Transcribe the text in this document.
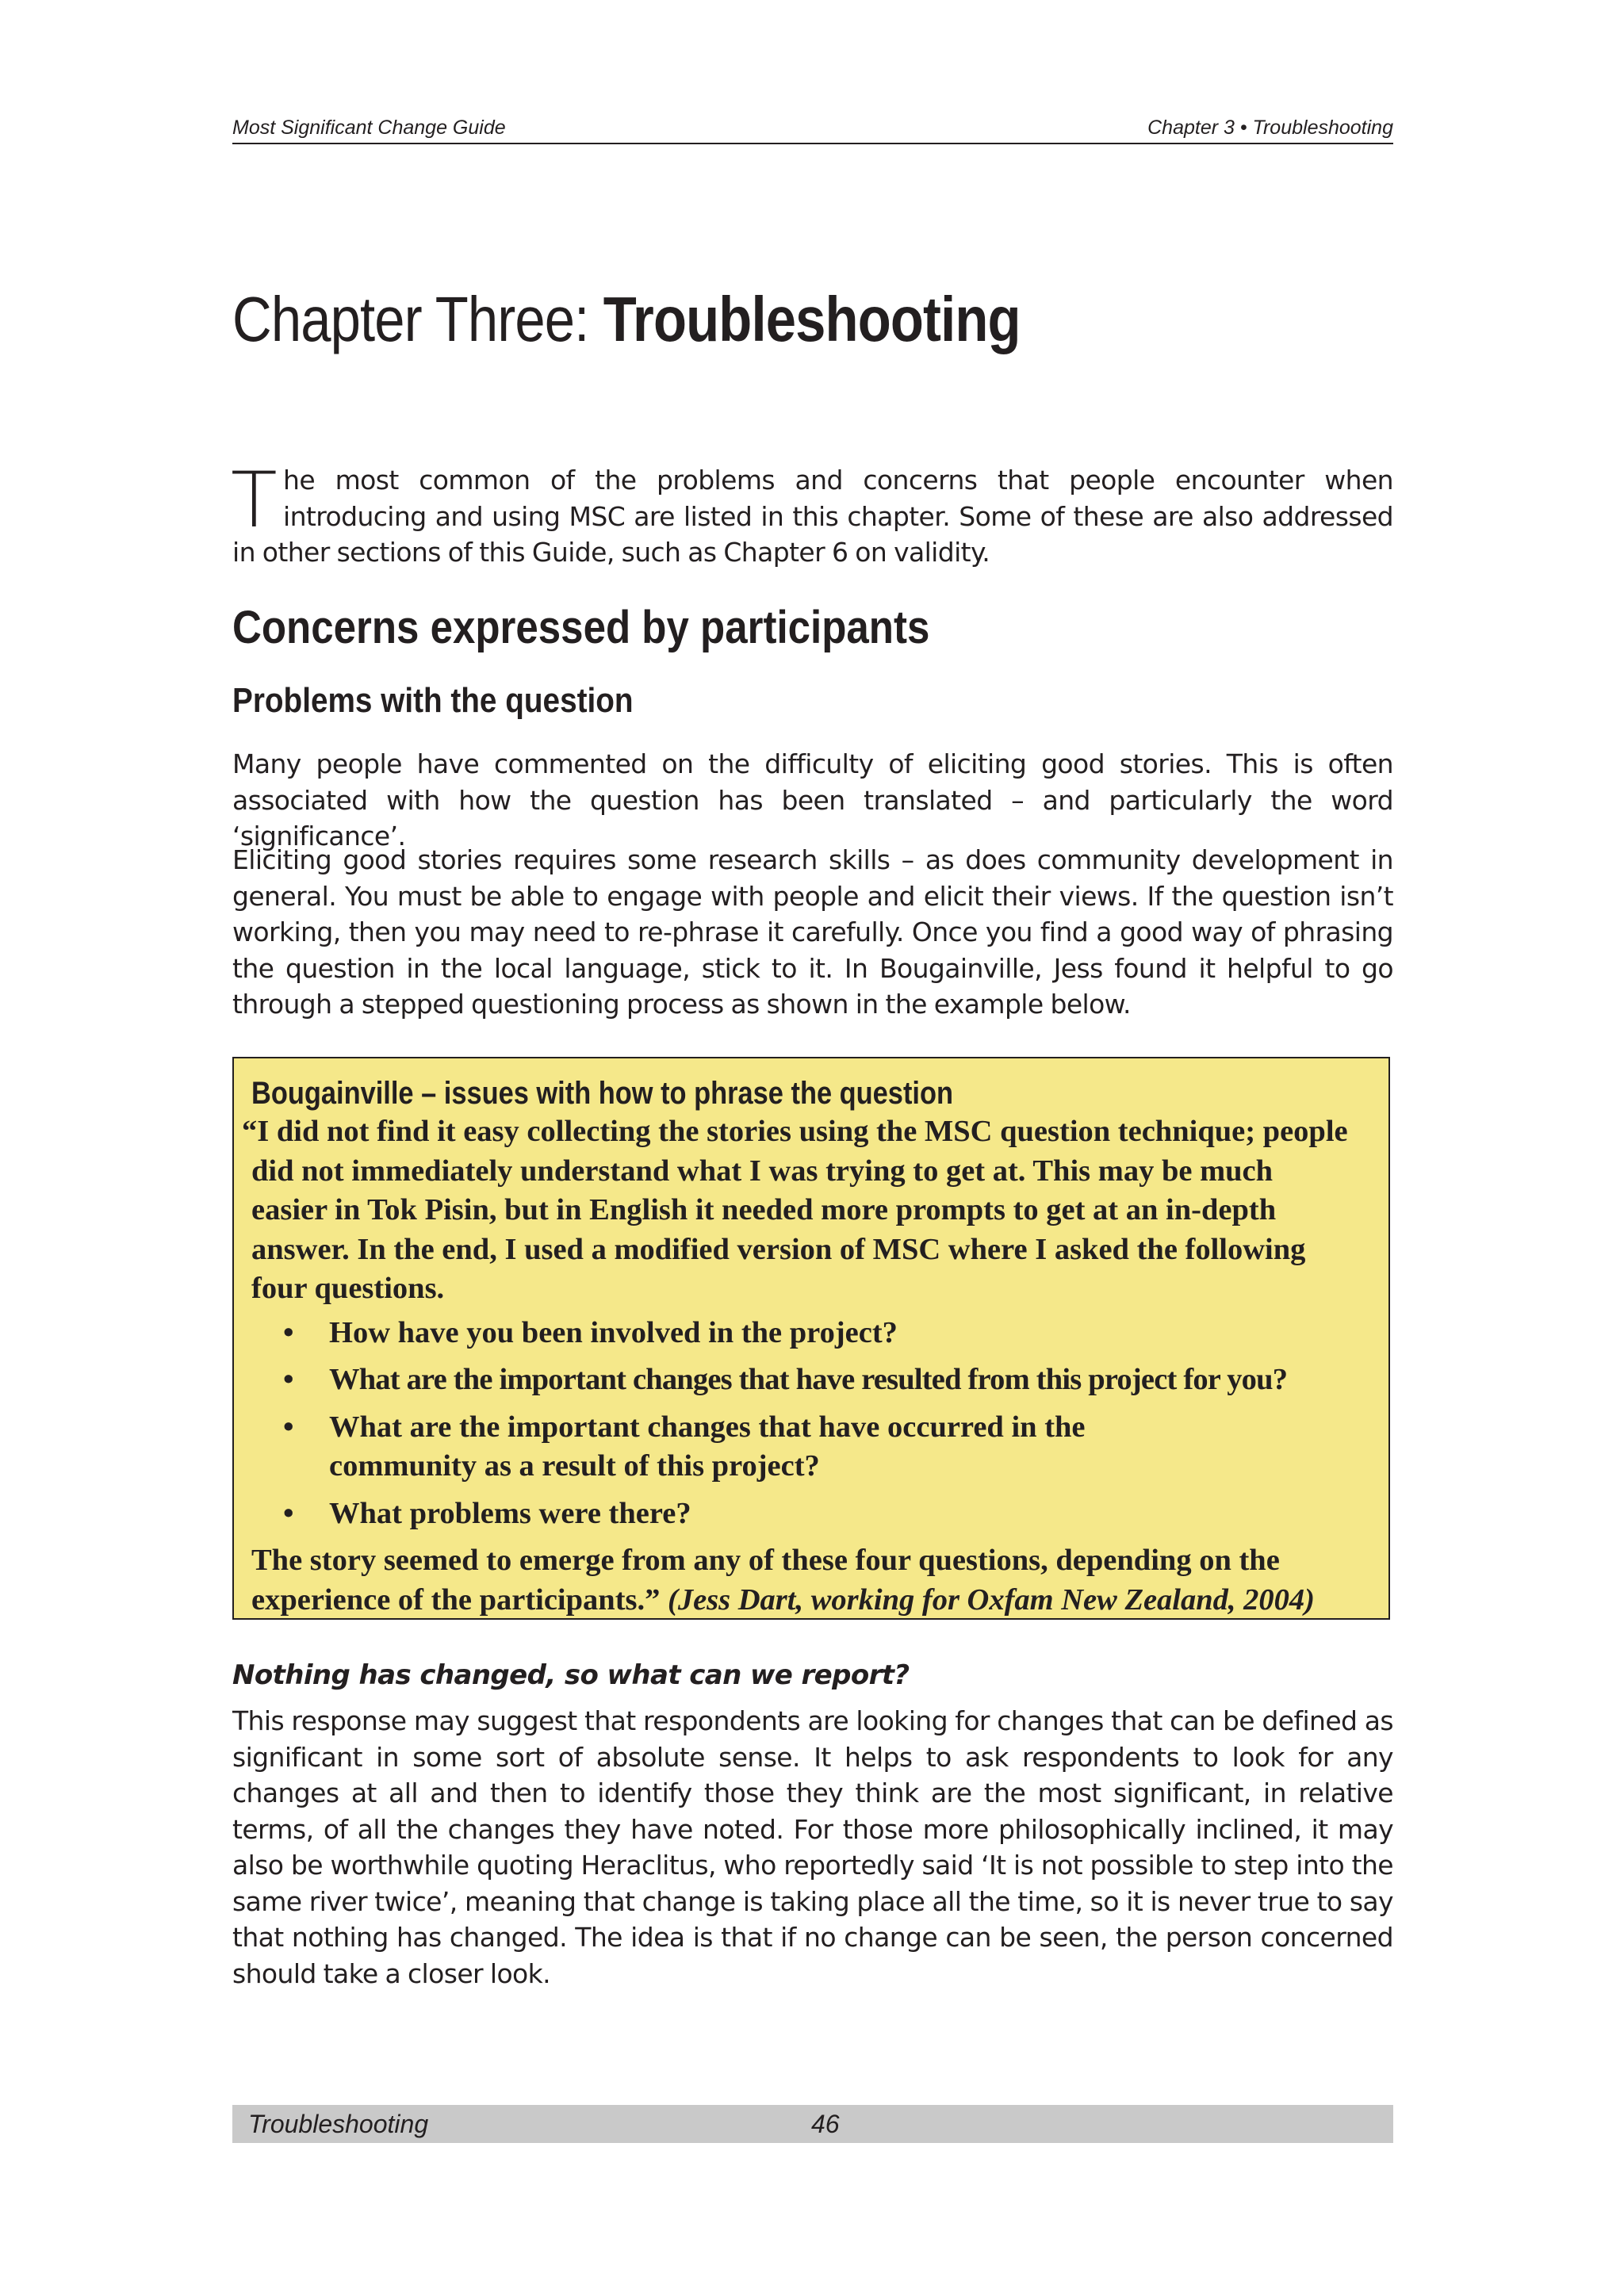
Most Significant Change Guide	Chapter 3 • Troubleshooting
Chapter Three: Troubleshooting

The most common of the problems and concerns that people encounter when introducing and using MSC are listed in this chapter. Some of these are also addressed in other sections of this Guide, such as Chapter 6 on validity.

Concerns expressed by participants
Problems with the question

Many people have commented on the difficulty of eliciting good stories. This is often associated with how the question has been translated – and particularly the word ‘significance’.

Eliciting good stories requires some research skills – as does community development in general. You must be able to engage with people and elicit their views. If the question isn’t working, then you may need to re-phrase it carefully. Once you find a good way of phrasing the question in the local language, stick to it. In Bougainville, Jess found it helpful to go through a stepped questioning process as shown in the example below.

Bougainville – issues with how to phrase the question

“I did not find it easy collecting the stories using the MSC question technique; people did not immediately understand what I was trying to get at. This may be much easier in Tok Pisin, but in English it needed more prompts to get at an in-depth answer. In the end, I used a modified version of MSC where I asked the following four questions.

• How have you been involved in the project?
• What are the important changes that have resulted from this project for you?
• What are the important changes that have occurred in the community as a result of this project?
• What problems were there?

The story seemed to emerge from any of these four questions, depending on the experience of the participants.” (Jess Dart, working for Oxfam New Zealand, 2004)

Nothing has changed, so what can we report?

This response may suggest that respondents are looking for changes that can be defined as significant in some sort of absolute sense. It helps to ask respondents to look for any changes at all and then to identify those they think are the most significant, in relative terms, of all the changes they have noted. For those more philosophically inclined, it may also be worthwhile quoting Heraclitus, who reportedly said ‘It is not possible to step into the same river twice’, meaning that change is taking place all the time, so it is never true to say that nothing has changed. The idea is that if no change can be seen, the person concerned should take a closer look.

Troubleshooting	46
